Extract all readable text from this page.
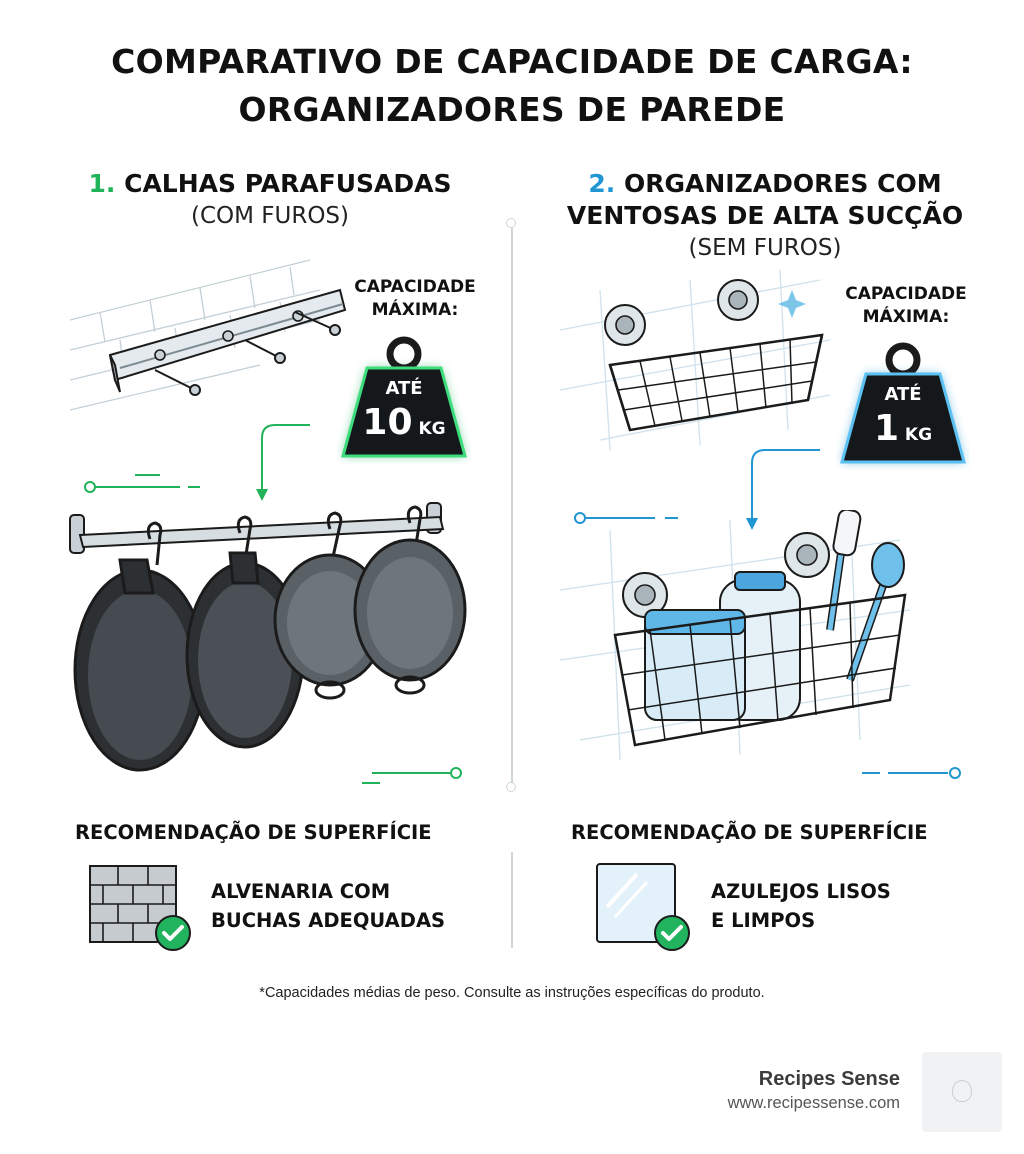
COMPARATIVO DE CAPACIDADE DE CARGA:
ORGANIZADORES DE PAREDE
1. CALHAS PARAFUSADAS
(COM FUROS)
2. ORGANIZADORES COM
VENTOSAS DE ALTA SUCÇÃO
(SEM FUROS)
CAPACIDADE
MÁXIMA:
ATÉ
10 KG
CAPACIDADE
MÁXIMA:
ATÉ
1 KG
RECOMENDAÇÃO DE SUPERFÍCIE
ALVENARIA COM
BUCHAS ADEQUADAS
RECOMENDAÇÃO DE SUPERFÍCIE
AZULEJOS LISOS
E LIMPOS
*Capacidades médias de peso. Consulte as instruções específicas do produto.
Recipes Sense
www.recipessense.com
